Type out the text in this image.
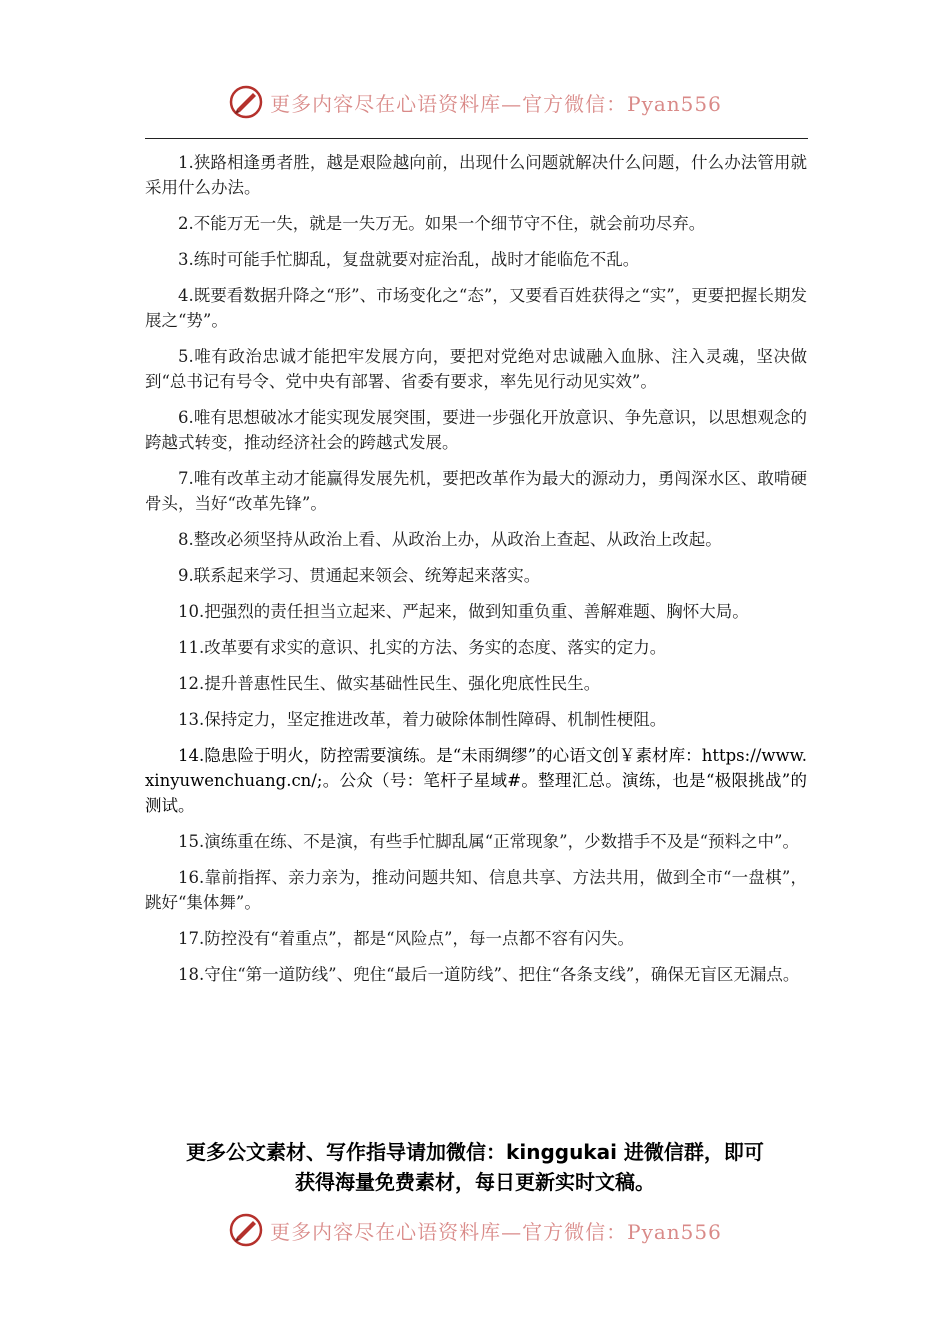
更多内容尽在心语资料库—官方微信：Pyan556

1.狭路相逢勇者胜，越是艰险越向前，出现什么问题就解决什么问题，什么办法管用就采用什么办法。

2.不能万无一失，就是一失万无。如果一个细节守不住，就会前功尽弃。

3.练时可能手忙脚乱，复盘就要对症治乱，战时才能临危不乱。

4.既要看数据升降之“形”、市场变化之“态”，又要看百姓获得之“实”，更要把握长期发展之“势”。

5.唯有政治忠诚才能把牢发展方向，要把对党绝对忠诚融入血脉、注入灵魂，坚决做到“总书记有号令、党中央有部署、省委有要求，率先见行动见实效”。

6.唯有思想破冰才能实现发展突围，要进一步强化开放意识、争先意识，以思想观念的跨越式转变，推动经济社会的跨越式发展。

7.唯有改革主动才能赢得发展先机，要把改革作为最大的源动力，勇闯深水区、敢啃硬骨头，当好“改革先锋”。

8.整改必须坚持从政治上看、从政治上办，从政治上查起、从政治上改起。

9.联系起来学习、贯通起来领会、统筹起来落实。

10.把强烈的责任担当立起来、严起来，做到知重负重、善解难题、胸怀大局。

11.改革要有求实的意识、扎实的方法、务实的态度、落实的定力。

12.提升普惠性民生、做实基础性民生、强化兜底性民生。

13.保持定力，坚定推进改革，着力破除体制性障碍、机制性梗阻。

14.隐患险于明火，防控需要演练。是“未雨绸缪”的心语文创￥素材库：https://www.xinyuwenchuang.cn/;。公众（号：笔杆子星域#。整理汇总。演练，也是“极限挑战”的测试。

15.演练重在练、不是演，有些手忙脚乱属“正常现象”，少数措手不及是“预料之中”。

16.靠前指挥、亲力亲为，推动问题共知、信息共享、方法共用，做到全市“一盘棋”，跳好“集体舞”。

17.防控没有“着重点”，都是“风险点”，每一点都不容有闪失。

18.守住“第一道防线”、兜住“最后一道防线”、把住“各条支线”，确保无盲区无漏点。

更多公文素材、写作指导请加微信：kinggukai 进微信群，即可
获得海量免费素材，每日更新实时文稿。
更多内容尽在心语资料库—官方微信：Pyan556
